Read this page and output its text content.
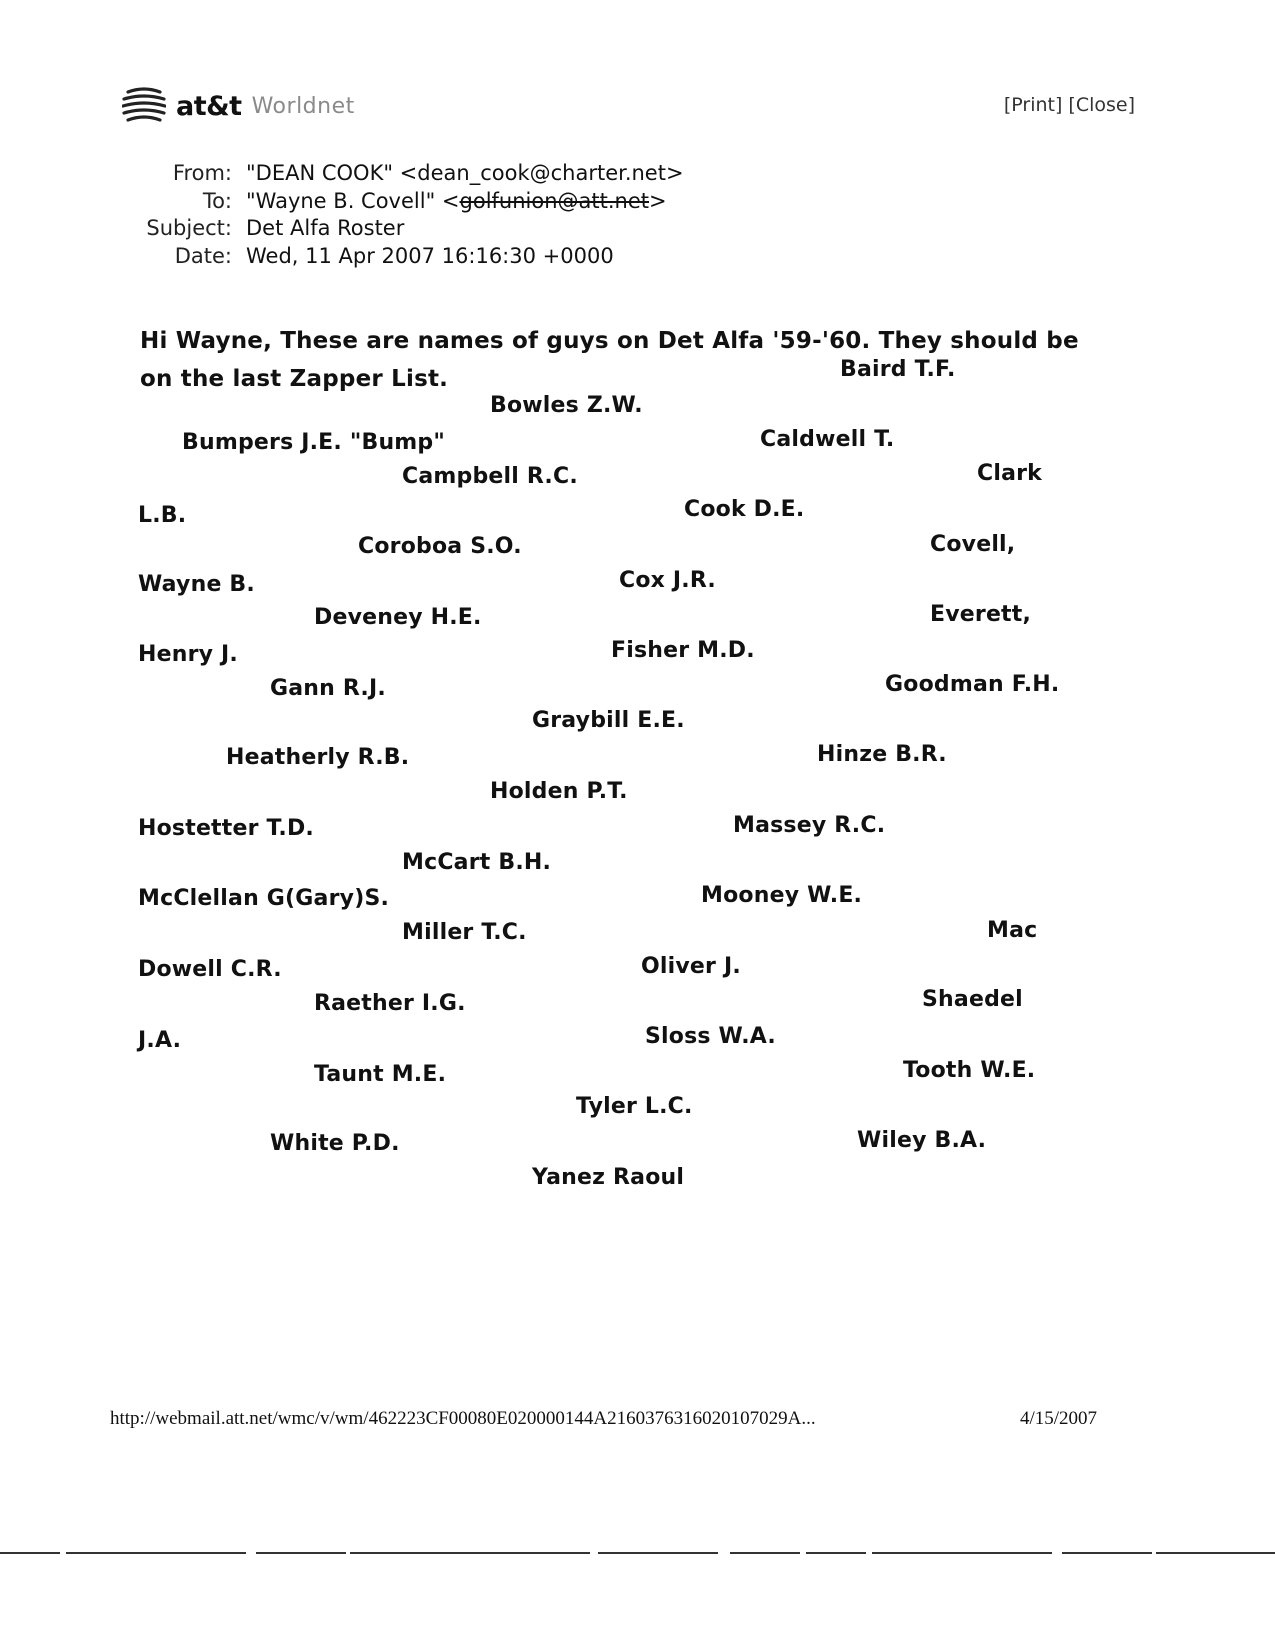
at&t Worldnet	[Print] [Close]
From: "DEAN COOK" <dean_cook@charter.net>
To: "Wayne B. Covell" <golfunion@att.net>
Subject: Det Alfa Roster
Date: Wed, 11 Apr 2007 16:16:30 +0000
Hi Wayne, These are names of guys on Det Alfa '59-'60. They should be
on the last Zapper List.	Baird T.F.
Bowles Z.W.
Bumpers J.E. "Bump"	Caldwell T.
Campbell R.C.	Clark
L.B.	Cook D.E.
Coroboa S.O.	Covell,
Wayne B.	Cox J.R.
Deveney H.E.	Everett,
Henry J.	Fisher M.D.
Gann R.J.	Goodman F.H.
Graybill E.E.
Heatherly R.B.	Hinze B.R.
Holden P.T.
Hostetter T.D.	Massey R.C.
McCart B.H.
McClellan G(Gary)S.	Mooney W.E.
Miller T.C.	Mac
Dowell C.R.	Oliver J.
Raether I.G.	Shaedel
J.A.	Sloss W.A.
Taunt M.E.	Tooth W.E.
Tyler L.C.
White P.D.	Wiley B.A.
Yanez Raoul
http://webmail.att.net/wmc/v/wm/462223CF00080E020000144A21603763160201070​29A...	4/15/2007
